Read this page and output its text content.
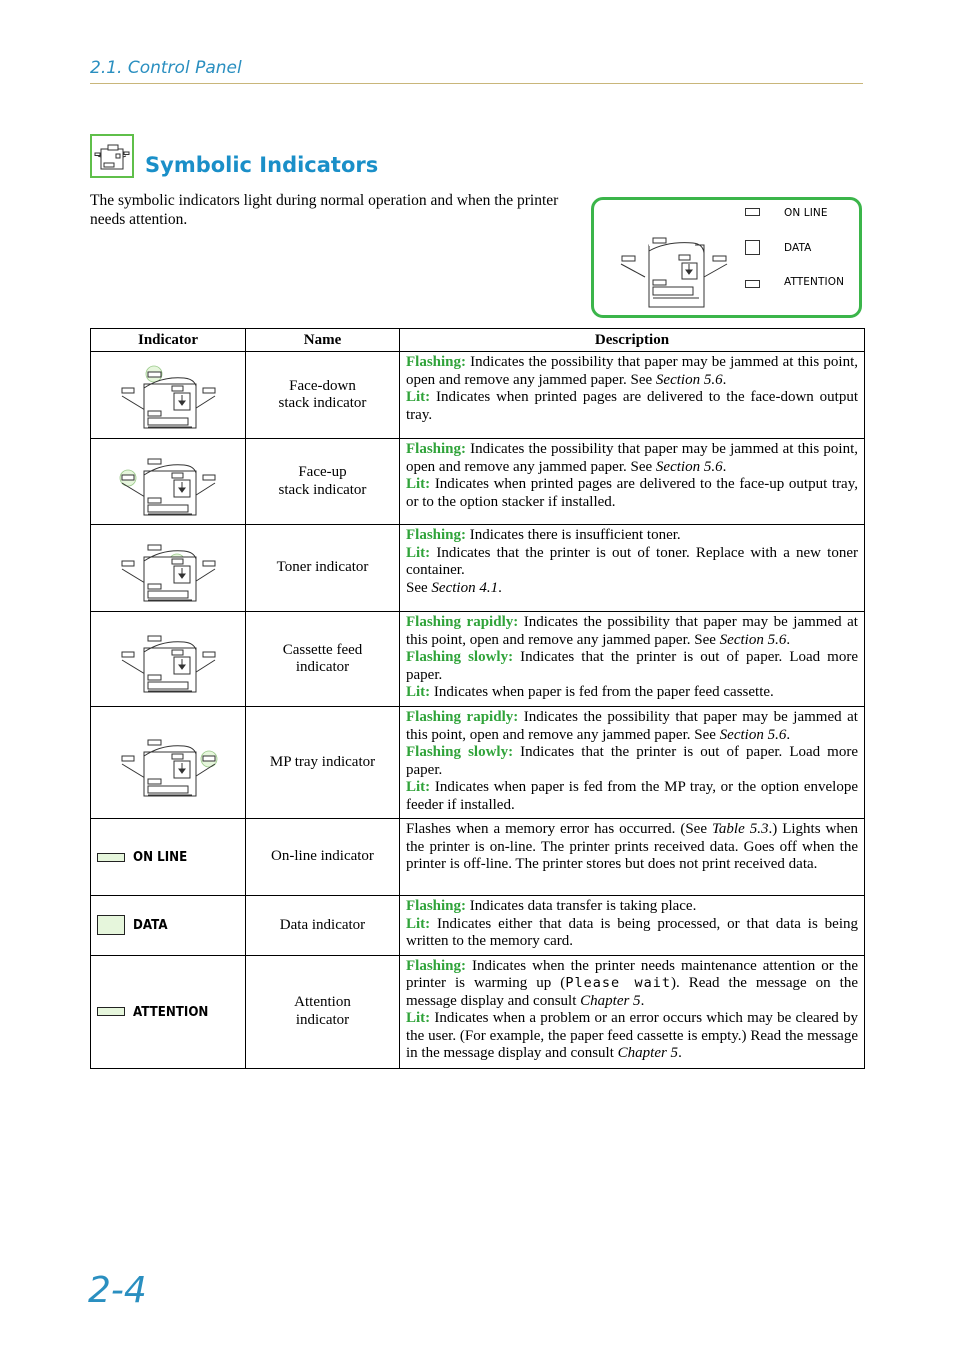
2.1. Control Panel
Symbolic Indicators
The symbolic indicators light during normal operation and when the printer needs attention.	ON LINE
DATA
ATTENTION
Indicator	Name	Description

	Face-down
stack indicator	Flashing: Indicates the possibility that paper may be jammed at this point, open and remove any jammed paper. See Section 5.6.
Lit: Indicates when printed pages are delivered to the face-down output tray.

	Face-up
stack indicator	Flashing: Indicates the possibility that paper may be jammed at this point, open and remove any jammed paper. See Section 5.6.
Lit: Indicates when printed pages are delivered to the face-up output tray, or to the option stacker if installed.

	Toner indicator	Flashing: Indicates there is insufficient toner.
Lit: Indicates that the printer is out of toner. Replace with a new toner container.
See Section 4.1.

	Cassette feed
indicator	Flashing rapidly: Indicates the possibility that paper may be jammed at this point, open and remove any jammed paper. See Section 5.6.
Flashing slowly: Indicates that the printer is out of paper. Load more paper.
Lit: Indicates when paper is fed from the paper feed cassette.

	MP tray indicator	Flashing rapidly: Indicates the possibility that paper may be jammed at this point, open and remove any jammed paper. See Section 5.6.
Flashing slowly: Indicates that the printer is out of paper. Load more paper.
Lit: Indicates when paper is fed from the MP tray, or the option envelope feeder if installed.

ON LINE	On-line indicator	Flashes when a memory error has occurred. (See Table 5.3.) Lights when the printer is on-line. The printer prints received data. Goes off when the printer is off-line. The printer stores but does not print received data.

DATA	Data indicator	Flashing: Indicates data transfer is taking place.
Lit: Indicates either that data is being processed, or that data is being written to the memory card.

ATTENTION	Attention
indicator	Flashing: Indicates when the printer needs maintenance attention or the printer is warming up (Please wait). Read the message on the message display and consult Chapter 5.
Lit: Indicates when a problem or an error occurs which may be cleared by the user. (For example, the paper feed cassette is empty.) Read the message in the message display and consult Chapter 5.
2-4
